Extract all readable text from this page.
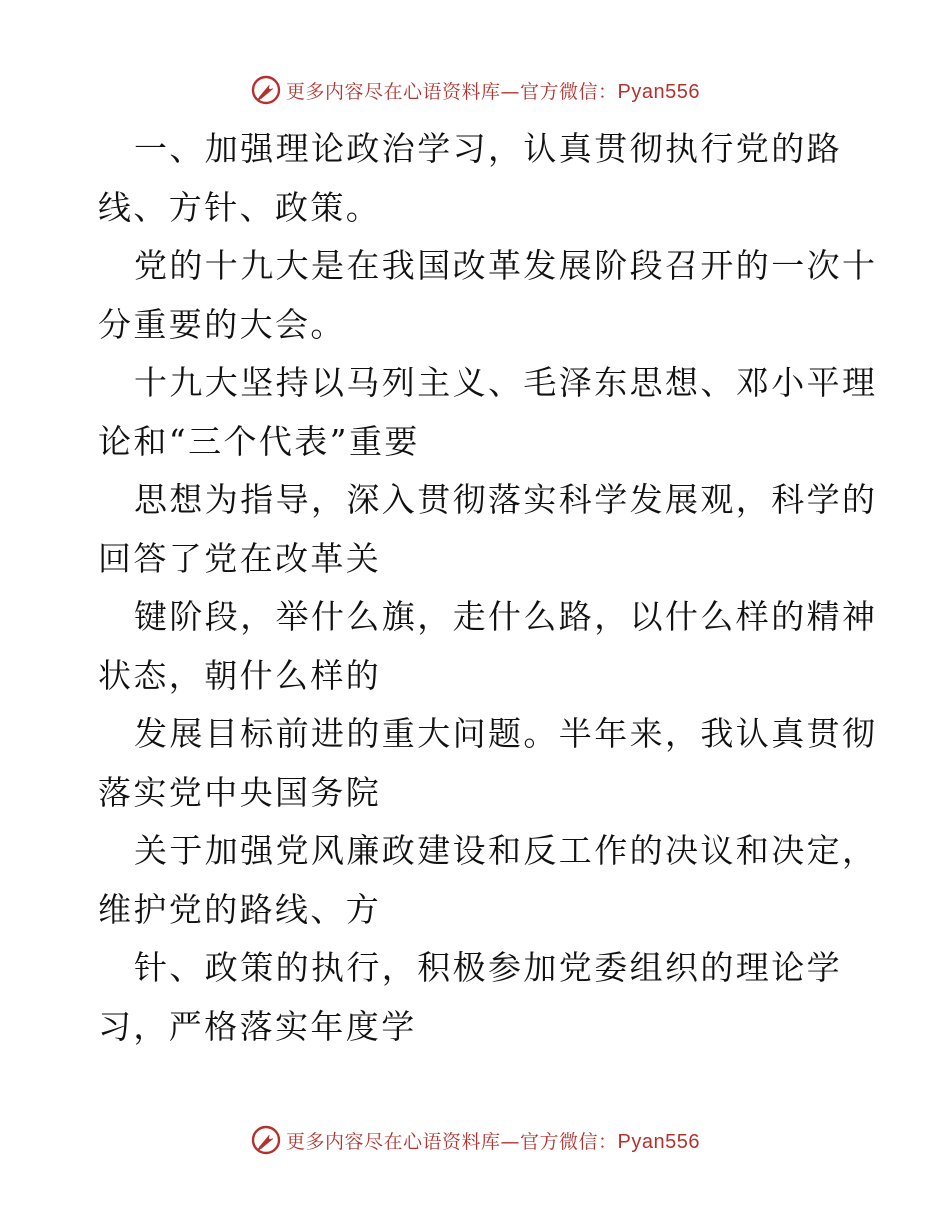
更多内容尽在心语资料库—官方微信：Pyan556

一、加强理论政治学习，认真贯彻执行党的路
线、方针、政策。

党的十九大是在我国改革发展阶段召开的一次十
分重要的大会。

十九大坚持以马列主义、毛泽东思想、邓小平理
论和“三个代表”重要

思想为指导，深入贯彻落实科学发展观，科学的
回答了党在改革关

键阶段，举什么旗，走什么路，以什么样的精神
状态，朝什么样的

发展目标前进的重大问题。半年来，我认真贯彻
落实党中央国务院

关于加强党风廉政建设和反工作的决议和决定，
维护党的路线、方

针、政策的执行，积极参加党委组织的理论学
习，严格落实年度学

更多内容尽在心语资料库—官方微信：Pyan556
